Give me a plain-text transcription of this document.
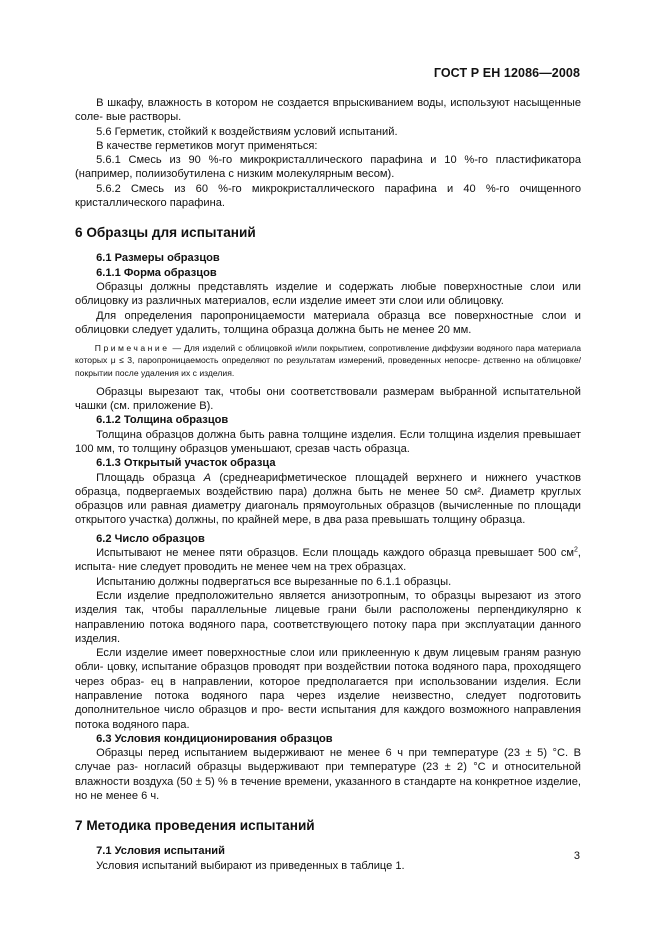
ГОСТ Р ЕН 12086—2008

В шкафу, влажность в котором не создается впрыскиванием воды, используют насыщенные соле- вые растворы.

5.6 Герметик, стойкий к воздействиям условий испытаний.

В качестве герметиков могут применяться:

5.6.1 Смесь из 90 %-го микрокристаллического парафина и 10 %-го пластификатора (например, полиизобутилена с низким молекулярным весом).

5.6.2 Смесь из 60 %-го микрокристаллического парафина и 40 %-го очищенного кристаллического парафина.

6 Образцы для испытаний

6.1 Размеры образцов

6.1.1 Форма образцов

Образцы должны представлять изделие и содержать любые поверхностные слои или облицовку из различных материалов, если изделие имеет эти слои или облицовку.

Для определения паропроницаемости материала образца все поверхностные слои и облицовки следует удалить, толщина образца должна быть не менее 20 мм.

Примечание — Для изделий с облицовкой и/или покрытием, сопротивление диффузии водяного пара материала которых μ ≤ 3, паропроницаемость определяют по результатам измерений, проведенных непосре- дственно на облицовке/покрытии после удаления их с изделия.

Образцы вырезают так, чтобы они соответствовали размерам выбранной испытательной чашки (см. приложение В).

6.1.2 Толщина образцов

Толщина образцов должна быть равна толщине изделия. Если толщина изделия превышает 100 мм, то толщину образцов уменьшают, срезав часть образца.

6.1.3 Открытый участок образца

Площадь образца А (среднеарифметическое площадей верхнего и нижнего участков образца, подвергаемых воздействию пара) должна быть не менее 50 см². Диаметр круглых образцов или равная диаметру диагональ прямоугольных образцов (вычисленные по площади открытого участка) должны, по крайней мере, в два раза превышать толщину образца.

6.2 Число образцов

Испытывают не менее пяти образцов. Если площадь каждого образца превышает 500 $см^2$, испыта- ние следует проводить не менее чем на трех образцах.

Испытанию должны подвергаться все вырезанные по 6.1.1 образцы.

Если изделие предположительно является анизотропным, то образцы вырезают из этого изделия так, чтобы параллельные лицевые грани были расположены перпендикулярно к направлению потока водяного пара, соответствующего потоку пара при эксплуатации данного изделия.

Если изделие имеет поверхностные слои или приклеенную к двум лицевым граням разную обли- цовку, испытание образцов проводят при воздействии потока водяного пара, проходящего через образ- ец в направлении, которое предполагается при использовании изделия. Если направление потока водяного пара через изделие неизвестно, следует подготовить дополнительное число образцов и про- вести испытания для каждого возможного направления потока водяного пара.

6.3 Условия кондиционирования образцов

Образцы перед испытанием выдерживают не менее 6 ч при температуре (23 ± 5) °С. В случае раз- ногласий образцы выдерживают при температуре (23 ± 2) °С и относительной влажности воздуха (50 ± 5) % в течение времени, указанного в стандарте на конкретное изделие, но не менее 6 ч.

7 Методика проведения испытаний

7.1 Условия испытаний

Условия испытаний выбирают из приведенных в таблице 1.

3
